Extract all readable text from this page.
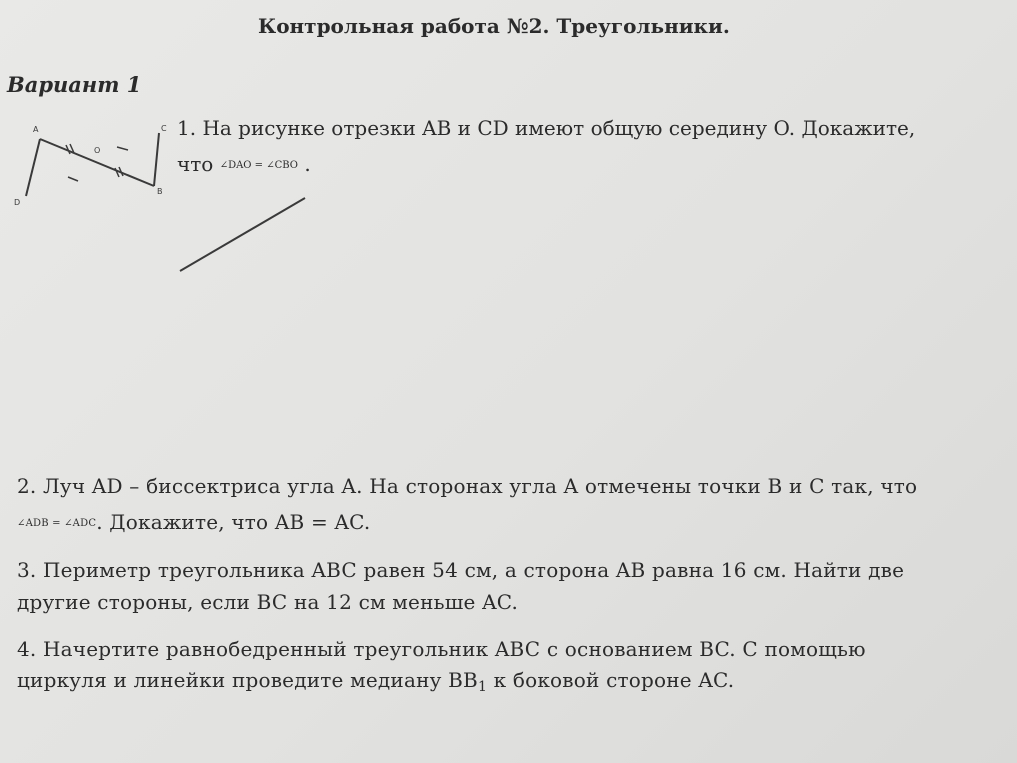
Контрольная работа №2. Треугольники.
Вариант 1
A	C
O
D
B
1. На рисунке отрезки AB и CD имеют общую середину O. Докажите,
что ∠DAO = ∠CBO .
2. Луч AD – биссектриса угла A. На сторонах угла A отмечены точки B и C так, что
∠ADB = ∠ADC. Докажите, что AB = AC.
3. Периметр треугольника ABC равен 54 см, а сторона AB равна 16 см. Найти две
другие стороны, если BC на 12 см меньше AC.
4. Начертите равнобедренный треугольник ABC с основанием BC. С помощью
циркуля и линейки проведите медиану $BB_1$ к боковой стороне AC.
